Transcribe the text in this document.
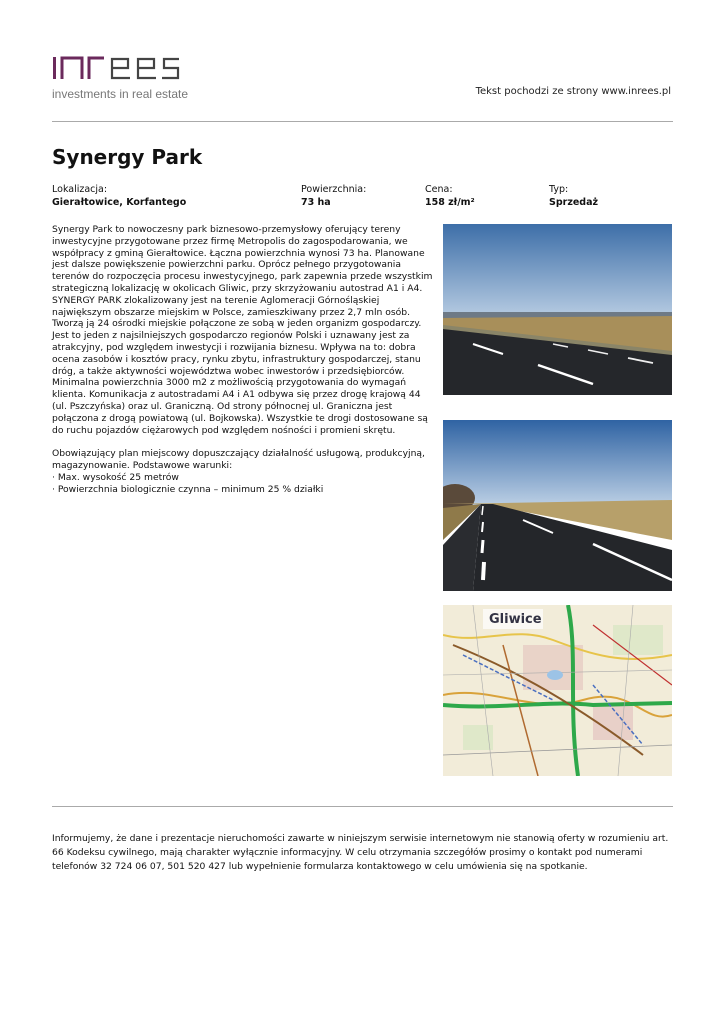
investments in real estate	Tekst pochodzi ze strony www.inrees.pl
Synergy Park
Lokalizacja:
Gierałtowice, Korfantego
Powierzchnia:
73 ha
Cena:
158 zł/m²
Typ:
Sprzedaż

Synergy Park to nowoczesny park biznesowo-przemysłowy oferujący tereny inwestycyjne przygotowane przez firmę Metropolis do zagospodarowania, we współpracy z gminą Gierałtowice. Łączna powierzchnia wynosi 73 ha. Planowane jest dalsze powiększenie powierzchni parku. Oprócz pełnego przygotowania terenów do rozpoczęcia procesu inwestycyjnego, park zapewnia przede wszystkim strategiczną lokalizację w okolicach Gliwic, przy skrzyżowaniu autostrad A1 i A4. SYNERGY PARK zlokalizowany jest na terenie Aglomeracji Górnośląskiej największym obszarze miejskim w Polsce, zamieszkiwany przez 2,7 mln osób. Tworzą ją 24 ośrodki miejskie połączone ze sobą w jeden organizm gospodarczy. Jest to jeden z najsilniejszych gospodarczo regionów Polski i uznawany jest za atrakcyjny, pod względem inwestycji i rozwijania biznesu. Wpływa na to: dobra ocena zasobów i kosztów pracy, rynku zbytu, infrastruktury gospodarczej, stanu dróg, a także aktywności województwa wobec inwestorów i przedsiębiorców. Minimalna powierzchnia 3000 m2 z możliwością przygotowania do wymagań klienta. Komunikacja z autostradami A4 i A1 odbywa się przez drogę krajową 44 (ul. Pszczyńska) oraz ul. Graniczną. Od strony północnej ul. Graniczna jest połączona z drogą powiatową (ul. Bojkowska). Wszystkie te drogi dostosowane są do ruchu pojazdów ciężarowych pod względem nośności i promieni skrętu.

Obowiązujący plan miejscowy dopuszczający działalność usługową, produkcyjną, magazynowanie. Podstawowe warunki:
· Max. wysokość 25 metrów
· Powierzchnia biologicznie czynna – minimum 25 % działki

Gliwice
Informujemy, że dane i prezentacje nieruchomości zawarte w niniejszym serwisie internetowym nie stanowią oferty w rozumieniu art. 66 Kodeksu cywilnego, mają charakter wyłącznie informacyjny. W celu otrzymania szczegółów prosimy o kontakt pod numerami telefonów 32 724 06 07, 501 520 427 lub wypełnienie formularza kontaktowego w celu umówienia się na spotkanie.
